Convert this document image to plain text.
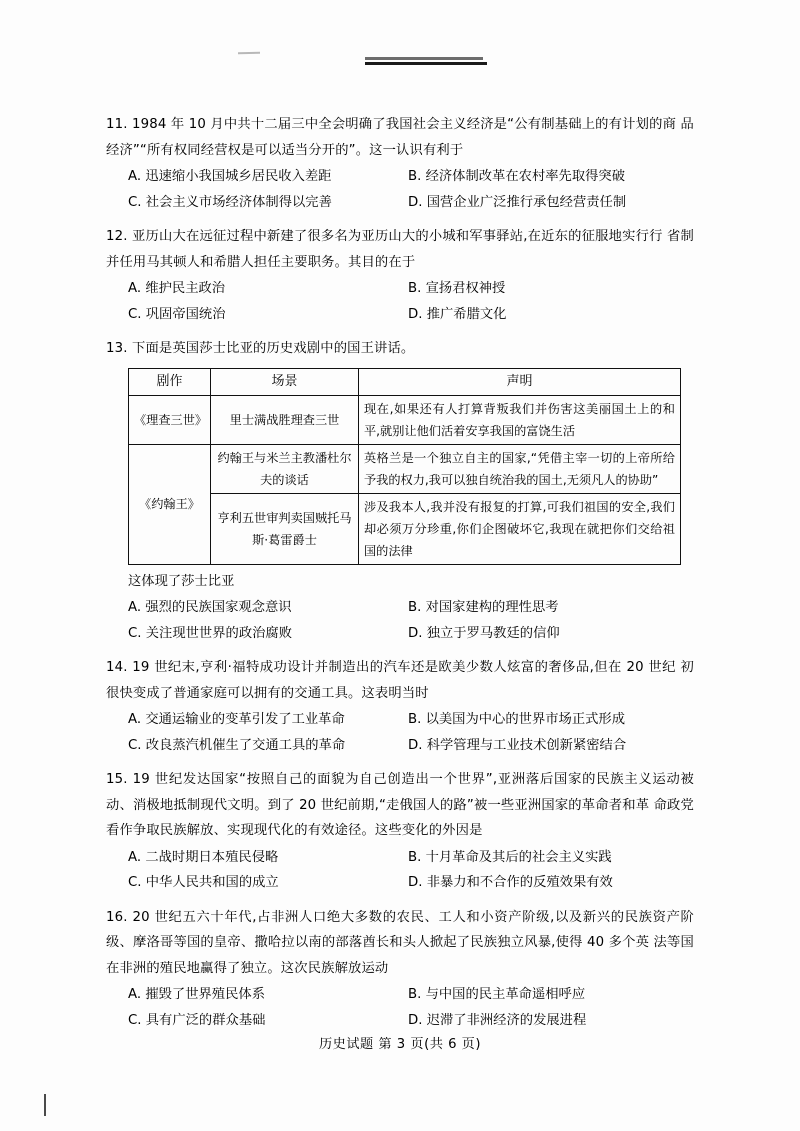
11. 1984 年 10 月中共十二届三中全会明确了我国社会主义经济是“公有制基础上的有计划的商 品经济”“所有权同经营权是可以适当分开的”。这一认识有利于
A. 迅速缩小我国城乡居民收入差距	B. 经济体制改革在农村率先取得突破
C. 社会主义市场经济体制得以完善	D. 国营企业广泛推行承包经营责任制
12. 亚历山大在远征过程中新建了很多名为亚历山大的小城和军事驿站,在近东的征服地实行行 省制并任用马其顿人和希腊人担任主要职务。其目的在于
A. 维护民主政治	B. 宣扬君权神授
C. 巩固帝国统治	D. 推广希腊文化
13. 下面是英国莎士比亚的历史戏剧中的国王讲话。
剧作	场景	声明
《理查三世》	里士满战胜理查三世	现在,如果还有人打算背叛我们并伤害这美丽国土上的和平,就别让他们活着安享我国的富饶生活
《约翰王》	约翰王与米兰主教潘杜尔夫的谈话	英格兰是一个独立自主的国家,“凭借主宰一切的上帝所给予我的权力,我可以独自统治我的国土,无须凡人的协助”
	亨利五世审判卖国贼托马斯·葛雷爵士	涉及我本人,我并没有报复的打算,可我们祖国的安全,我们却必须万分珍重,你们企图破坏它,我现在就把你们交给祖国的法律
这体现了莎士比亚
A. 强烈的民族国家观念意识	B. 对国家建构的理性思考
C. 关注现世世界的政治腐败	D. 独立于罗马教廷的信仰
14. 19 世纪末,亨利·福特成功设计并制造出的汽车还是欧美少数人炫富的奢侈品,但在 20 世纪 初很快变成了普通家庭可以拥有的交通工具。这表明当时
A. 交通运输业的变革引发了工业革命	B. 以美国为中心的世界市场正式形成
C. 改良蒸汽机催生了交通工具的革命	D. 科学管理与工业技术创新紧密结合
15. 19 世纪发达国家“按照自己的面貌为自己创造出一个世界”,亚洲落后国家的民族主义运动被 动、消极地抵制现代文明。到了 20 世纪前期,“走俄国人的路”被一些亚洲国家的革命者和革 命政党看作争取民族解放、实现现代化的有效途径。这些变化的外因是
A. 二战时期日本殖民侵略	B. 十月革命及其后的社会主义实践
C. 中华人民共和国的成立	D. 非暴力和不合作的反殖效果有效
16. 20 世纪五六十年代,占非洲人口绝大多数的农民、工人和小资产阶级,以及新兴的民族资产阶 级、摩洛哥等国的皇帝、撒哈拉以南的部落酋长和头人掀起了民族独立风暴,使得 40 多个英 法等国在非洲的殖民地赢得了独立。这次民族解放运动
A. 摧毁了世界殖民体系	B. 与中国的民主革命遥相呼应
C. 具有广泛的群众基础	D. 迟滞了非洲经济的发展进程
历史试题 第 3 页(共 6 页)
